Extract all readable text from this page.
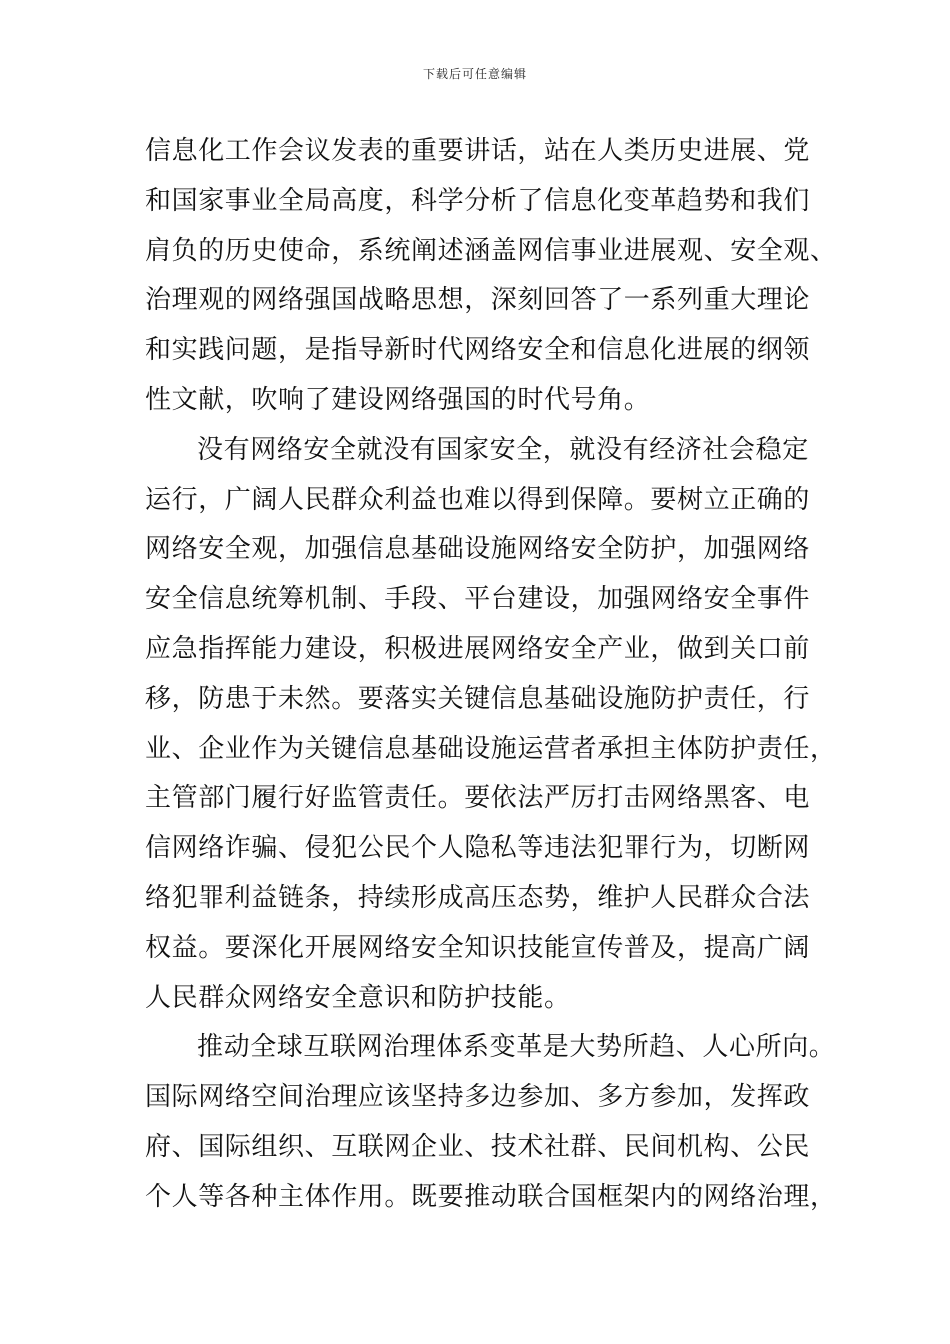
下载后可任意编辑
信息化工作会议发表的重要讲话，站在人类历史进展、党
和国家事业全局高度，科学分析了信息化变革趋势和我们
肩负的历史使命，系统阐述涵盖网信事业进展观、安全观、
治理观的网络强国战略思想，深刻回答了一系列重大理论
和实践问题，是指导新时代网络安全和信息化进展的纲领
性文献，吹响了建设网络强国的时代号角。
没有网络安全就没有国家安全，就没有经济社会稳定
运行，广阔人民群众利益也难以得到保障。要树立正确的
网络安全观，加强信息基础设施网络安全防护，加强网络
安全信息统筹机制、手段、平台建设，加强网络安全事件
应急指挥能力建设，积极进展网络安全产业，做到关口前
移，防患于未然。要落实关键信息基础设施防护责任，行
业、企业作为关键信息基础设施运营者承担主体防护责任，
主管部门履行好监管责任。要依法严厉打击网络黑客、电
信网络诈骗、侵犯公民个人隐私等违法犯罪行为，切断网
络犯罪利益链条，持续形成高压态势，维护人民群众合法
权益。要深化开展网络安全知识技能宣传普及，提高广阔
人民群众网络安全意识和防护技能。
推动全球互联网治理体系变革是大势所趋、人心所向。
国际网络空间治理应该坚持多边参加、多方参加，发挥政
府、国际组织、互联网企业、技术社群、民间机构、公民
个人等各种主体作用。既要推动联合国框架内的网络治理，
